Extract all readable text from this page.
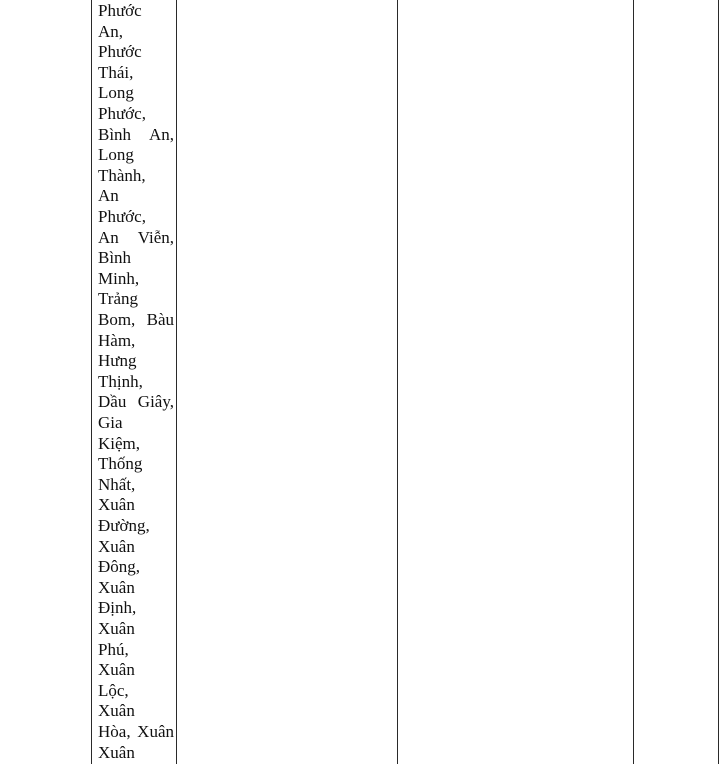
Phước
An,
Phước
Thái,
Long
Phước,
Bình An,
Long
Thành,
An
Phước,
An Viễn,
Bình
Minh,
Trảng
Bom, Bàu
Hàm,
Hưng
Thịnh,
Dầu Giây,
Gia
Kiệm,
Thống
Nhất,
Xuân
Đường,
Xuân
Đông,
Xuân
Định,
Xuân
Phú,
Xuân
Lộc,
Xuân
Hòa, Xuân
Xuân
